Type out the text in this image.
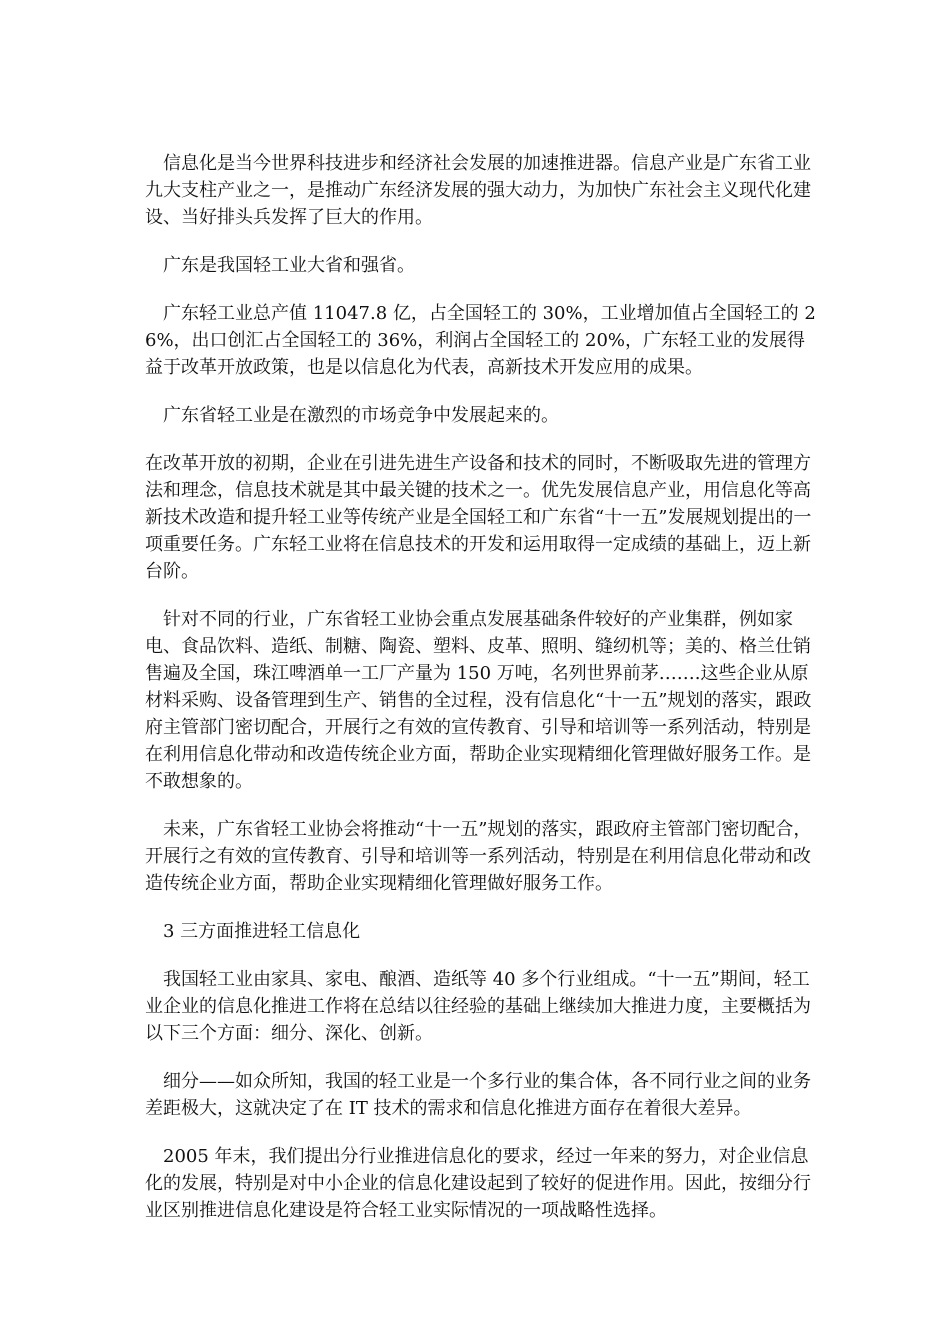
信息化是当今世界科技进步和经济社会发展的加速推进器。信息产业是广东省工业九大支柱产业之一，是推动广东经济发展的强大动力，为加快广东社会主义现代化建设、当好排头兵发挥了巨大的作用。

广东是我国轻工业大省和强省。

广东轻工业总产值 11047.8 亿，占全国轻工的 30%，工业增加值占全国轻工的 26%，出口创汇占全国轻工的 36%，利润占全国轻工的 20%，广东轻工业的发展得益于改革开放政策，也是以信息化为代表，高新技术开发应用的成果。

广东省轻工业是在激烈的市场竞争中发展起来的。

在改革开放的初期，企业在引进先进生产设备和技术的同时，不断吸取先进的管理方法和理念，信息技术就是其中最关键的技术之一。优先发展信息产业，用信息化等高新技术改造和提升轻工业等传统产业是全国轻工和广东省“十一五”发展规划提出的一项重要任务。广东轻工业将在信息技术的开发和运用取得一定成绩的基础上，迈上新台阶。

针对不同的行业，广东省轻工业协会重点发展基础条件较好的产业集群，例如家电、食品饮料、造纸、制糖、陶瓷、塑料、皮革、照明、缝纫机等；美的、格兰仕销售遍及全国，珠江啤酒单一工厂产量为 150 万吨，名列世界前茅…….这些企业从原材料采购、设备管理到生产、销售的全过程，没有信息化“十一五”规划的落实，跟政府主管部门密切配合，开展行之有效的宣传教育、引导和培训等一系列活动，特别是在利用信息化带动和改造传统企业方面，帮助企业实现精细化管理做好服务工作。是不敢想象的。

未来，广东省轻工业协会将推动“十一五”规划的落实，跟政府主管部门密切配合，开展行之有效的宣传教育、引导和培训等一系列活动，特别是在利用信息化带动和改造传统企业方面，帮助企业实现精细化管理做好服务工作。

3 三方面推进轻工信息化

我国轻工业由家具、家电、酿酒、造纸等 40 多个行业组成。“十一五”期间，轻工业企业的信息化推进工作将在总结以往经验的基础上继续加大推进力度，主要概括为以下三个方面：细分、深化、创新。

细分——如众所知，我国的轻工业是一个多行业的集合体，各不同行业之间的业务差距极大，这就决定了在 IT 技术的需求和信息化推进方面存在着很大差异。

2005 年末，我们提出分行业推进信息化的要求，经过一年来的努力，对企业信息化的发展，特别是对中小企业的信息化建设起到了较好的促进作用。因此，按细分行业区别推进信息化建设是符合轻工业实际情况的一项战略性选择。
